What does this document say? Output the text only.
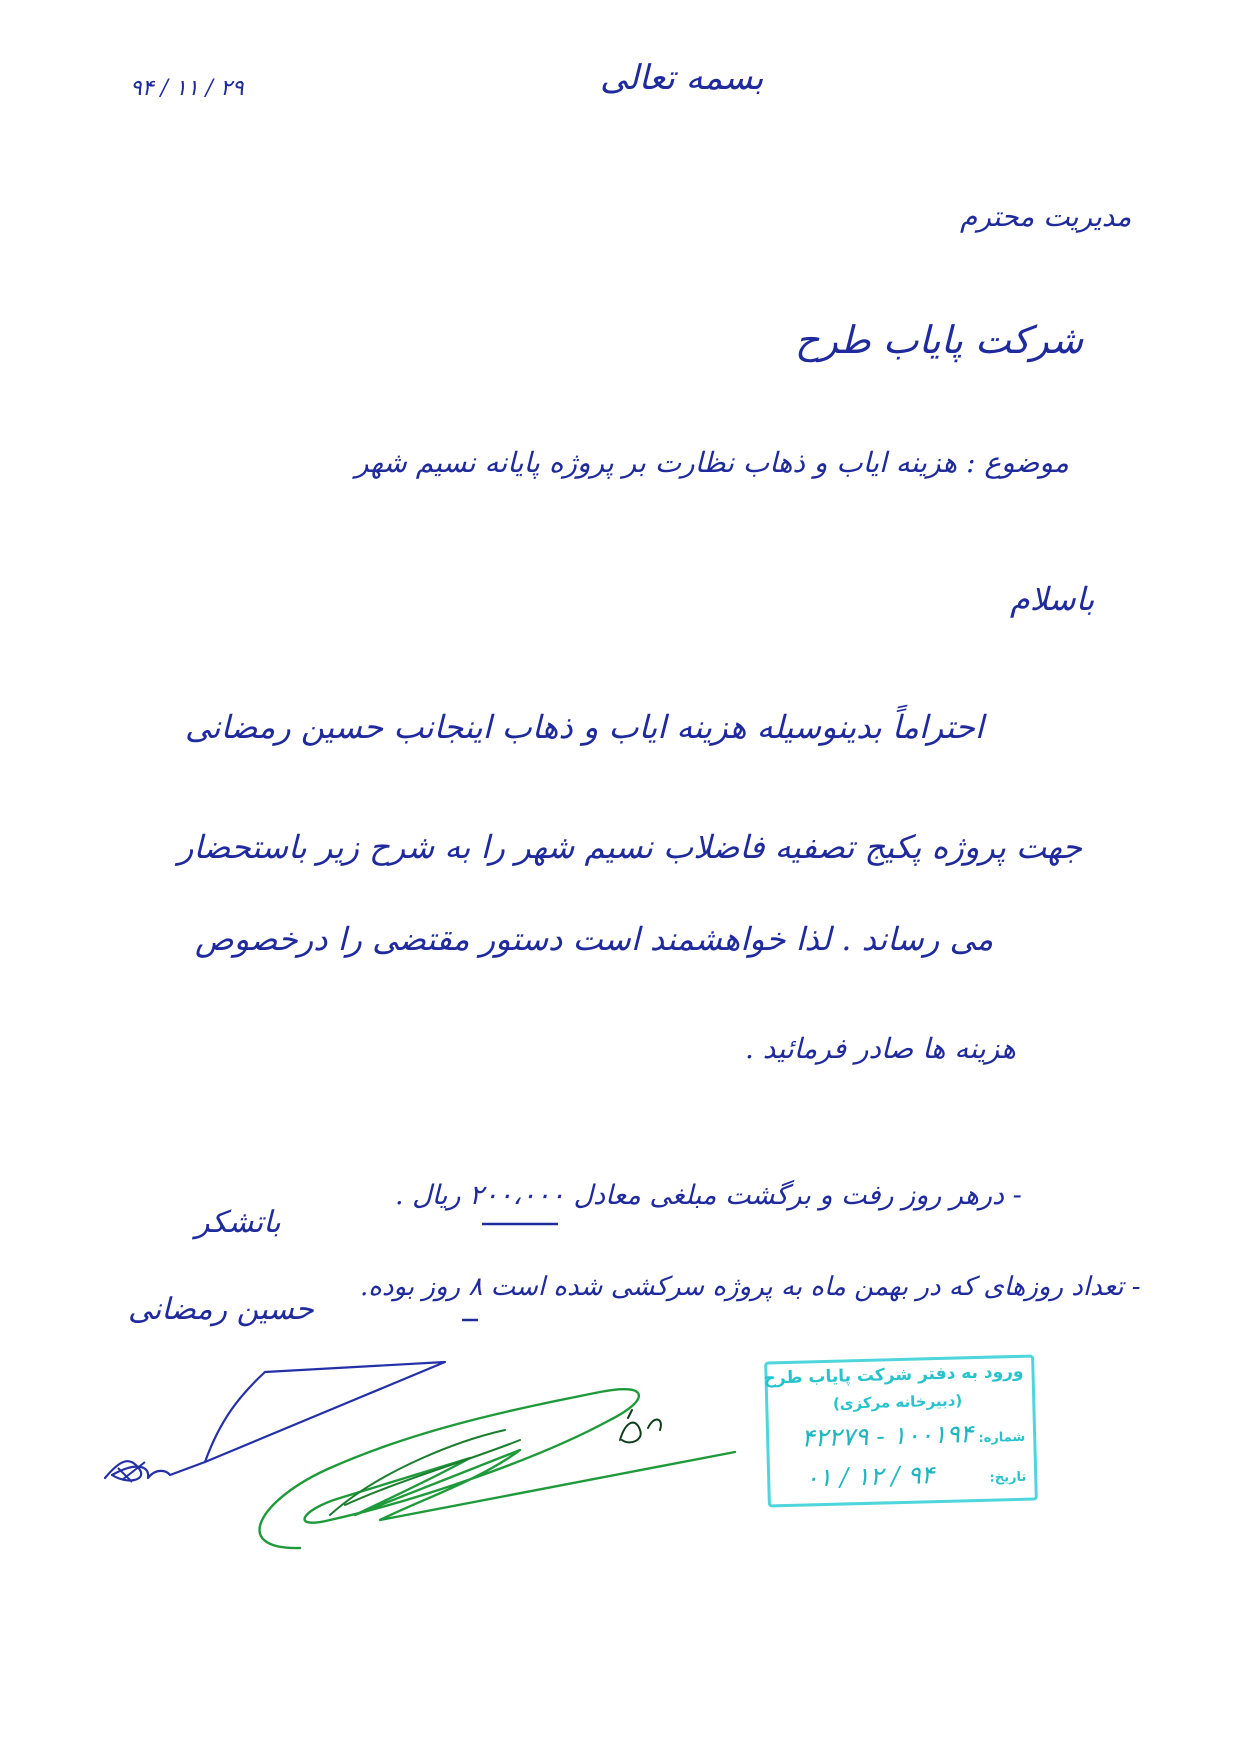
۹۴ / ۱۱ / ۲۹	بسمه تعالی
مدیریت محترم
شرکت پایاب طرح
موضوع : هزینه ایاب و ذهاب نظارت بر پروژه پایانه نسیم شهر
باسلام
احتراماً بدینوسیله هزینه ایاب و ذهاب اینجانب حسین رمضانی
جهت پروژه پکیج تصفیه فاضلاب نسیم شهر را به شرح زیر باستحضار
می رساند . لذا خواهشمند است دستور مقتضی را درخصوص
هزینه ها صادر فرمائید .
- درهر روز رفت و برگشت مبلغی معادل ۲۰۰،۰۰۰ ریال .
- تعداد روزهای که در بهمن ماه به پروژه سرکشی شده است ۸ روز بوده.
باتشکر
حسین رمضانی
ورود به دفتر شرکت پایاب طرح
(دبیرخانه مرکزی)
شماره: ۱۰۰۱۹۴ - ۴۲۲۷۹
تاریخ: ۹۴ / ۱۲ / ۰۱
